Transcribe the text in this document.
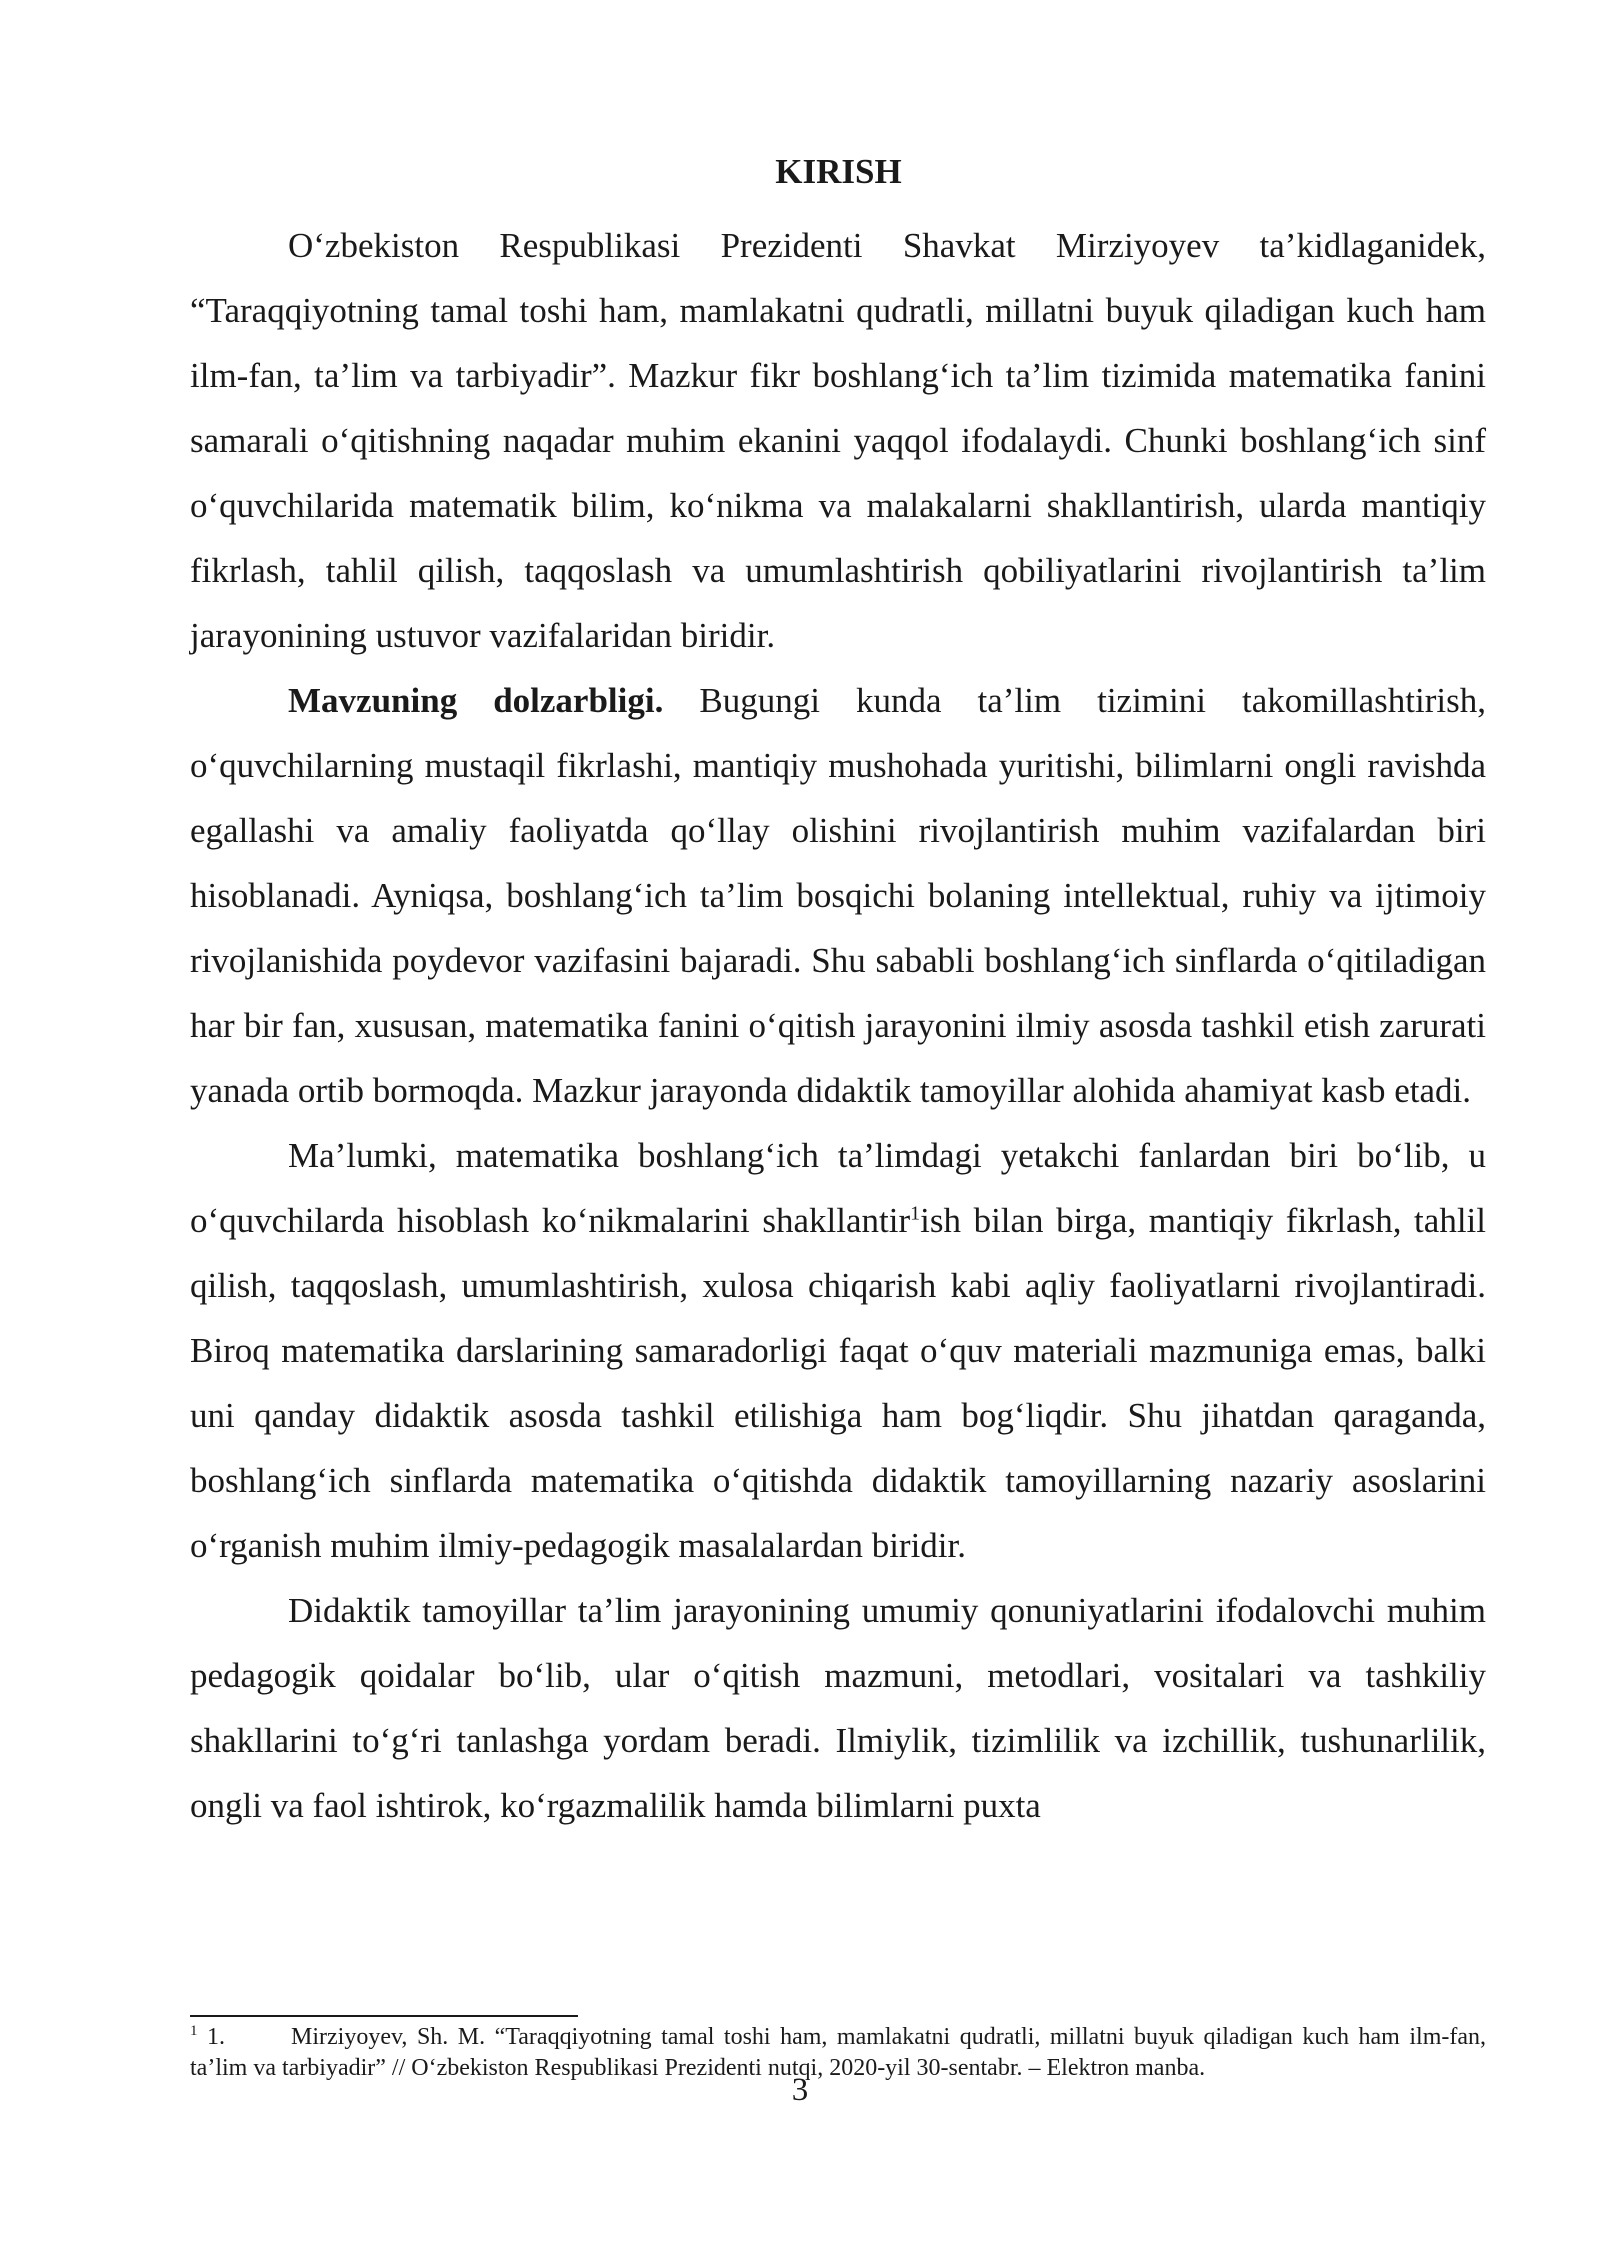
KIRISH

O‘zbekiston Respublikasi Prezidenti Shavkat Mirziyoyev ta’kidlaganidek, “Taraqqiyotning tamal toshi ham, mamlakatni qudratli, millatni buyuk qiladigan kuch ham ilm-fan, ta’lim va tarbiyadir”. Mazkur fikr boshlang‘ich ta’lim tizimida matematika fanini samarali o‘qitishning naqadar muhim ekanini yaqqol ifodalaydi. Chunki boshlang‘ich sinf o‘quvchilarida matematik bilim, ko‘nikma va malakalarni shakllantirish, ularda mantiqiy fikrlash, tahlil qilish, taqqoslash va umumlashtirish qobiliyatlarini rivojlantirish ta’lim jarayonining ustuvor vazifalaridan biridir.

Mavzuning dolzarbligi. Bugungi kunda ta’lim tizimini takomillashtirish, o‘quvchilarning mustaqil fikrlashi, mantiqiy mushohada yuritishi, bilimlarni ongli ravishda egallashi va amaliy faoliyatda qo‘llay olishini rivojlantirish muhim vazifalardan biri hisoblanadi. Ayniqsa, boshlang‘ich ta’lim bosqichi bolaning intellektual, ruhiy va ijtimoiy rivojlanishida poydevor vazifasini bajaradi. Shu sababli boshlang‘ich sinflarda o‘qitiladigan har bir fan, xususan, matematika fanini o‘qitish jarayonini ilmiy asosda tashkil etish zarurati yanada ortib bormoqda. Mazkur jarayonda didaktik tamoyillar alohida ahamiyat kasb etadi.

Ma’lumki, matematika boshlang‘ich ta’limdagi yetakchi fanlardan biri bo‘lib, u o‘quvchilarda hisoblash ko‘nikmalarini shakllantir$^1$ish bilan birga, mantiqiy fikrlash, tahlil qilish, taqqoslash, umumlashtirish, xulosa chiqarish kabi aqliy faoliyatlarni rivojlantiradi. Biroq matematika darslarining samaradorligi faqat o‘quv materiali mazmuniga emas, balki uni qanday didaktik asosda tashkil etilishiga ham bog‘liqdir. Shu jihatdan qaraganda, boshlang‘ich sinflarda matematika o‘qitishda didaktik tamoyillarning nazariy asoslarini o‘rganish muhim ilmiy-pedagogik masalalardan biridir.

Didaktik tamoyillar ta’lim jarayonining umumiy qonuniyatlarini ifodalovchi muhim pedagogik qoidalar bo‘lib, ular o‘qitish mazmuni, metodlari, vositalari va tashkiliy shakllarini to‘g‘ri tanlashga yordam beradi. Ilmiylik, tizimlilik va izchillik, tushunarlilik, ongli va faol ishtirok, ko‘rgazmalilik hamda bilimlarni puxta

$^1$ 1.	Mirziyoyev, Sh. M. “Taraqqiyotning tamal toshi ham, mamlakatni qudratli, millatni buyuk qiladigan kuch ham ilm-fan, ta’lim va tarbiyadir” // O‘zbekiston Respublikasi Prezidenti nutqi, 2020-yil 30-sentabr. – Elektron manba.

3
